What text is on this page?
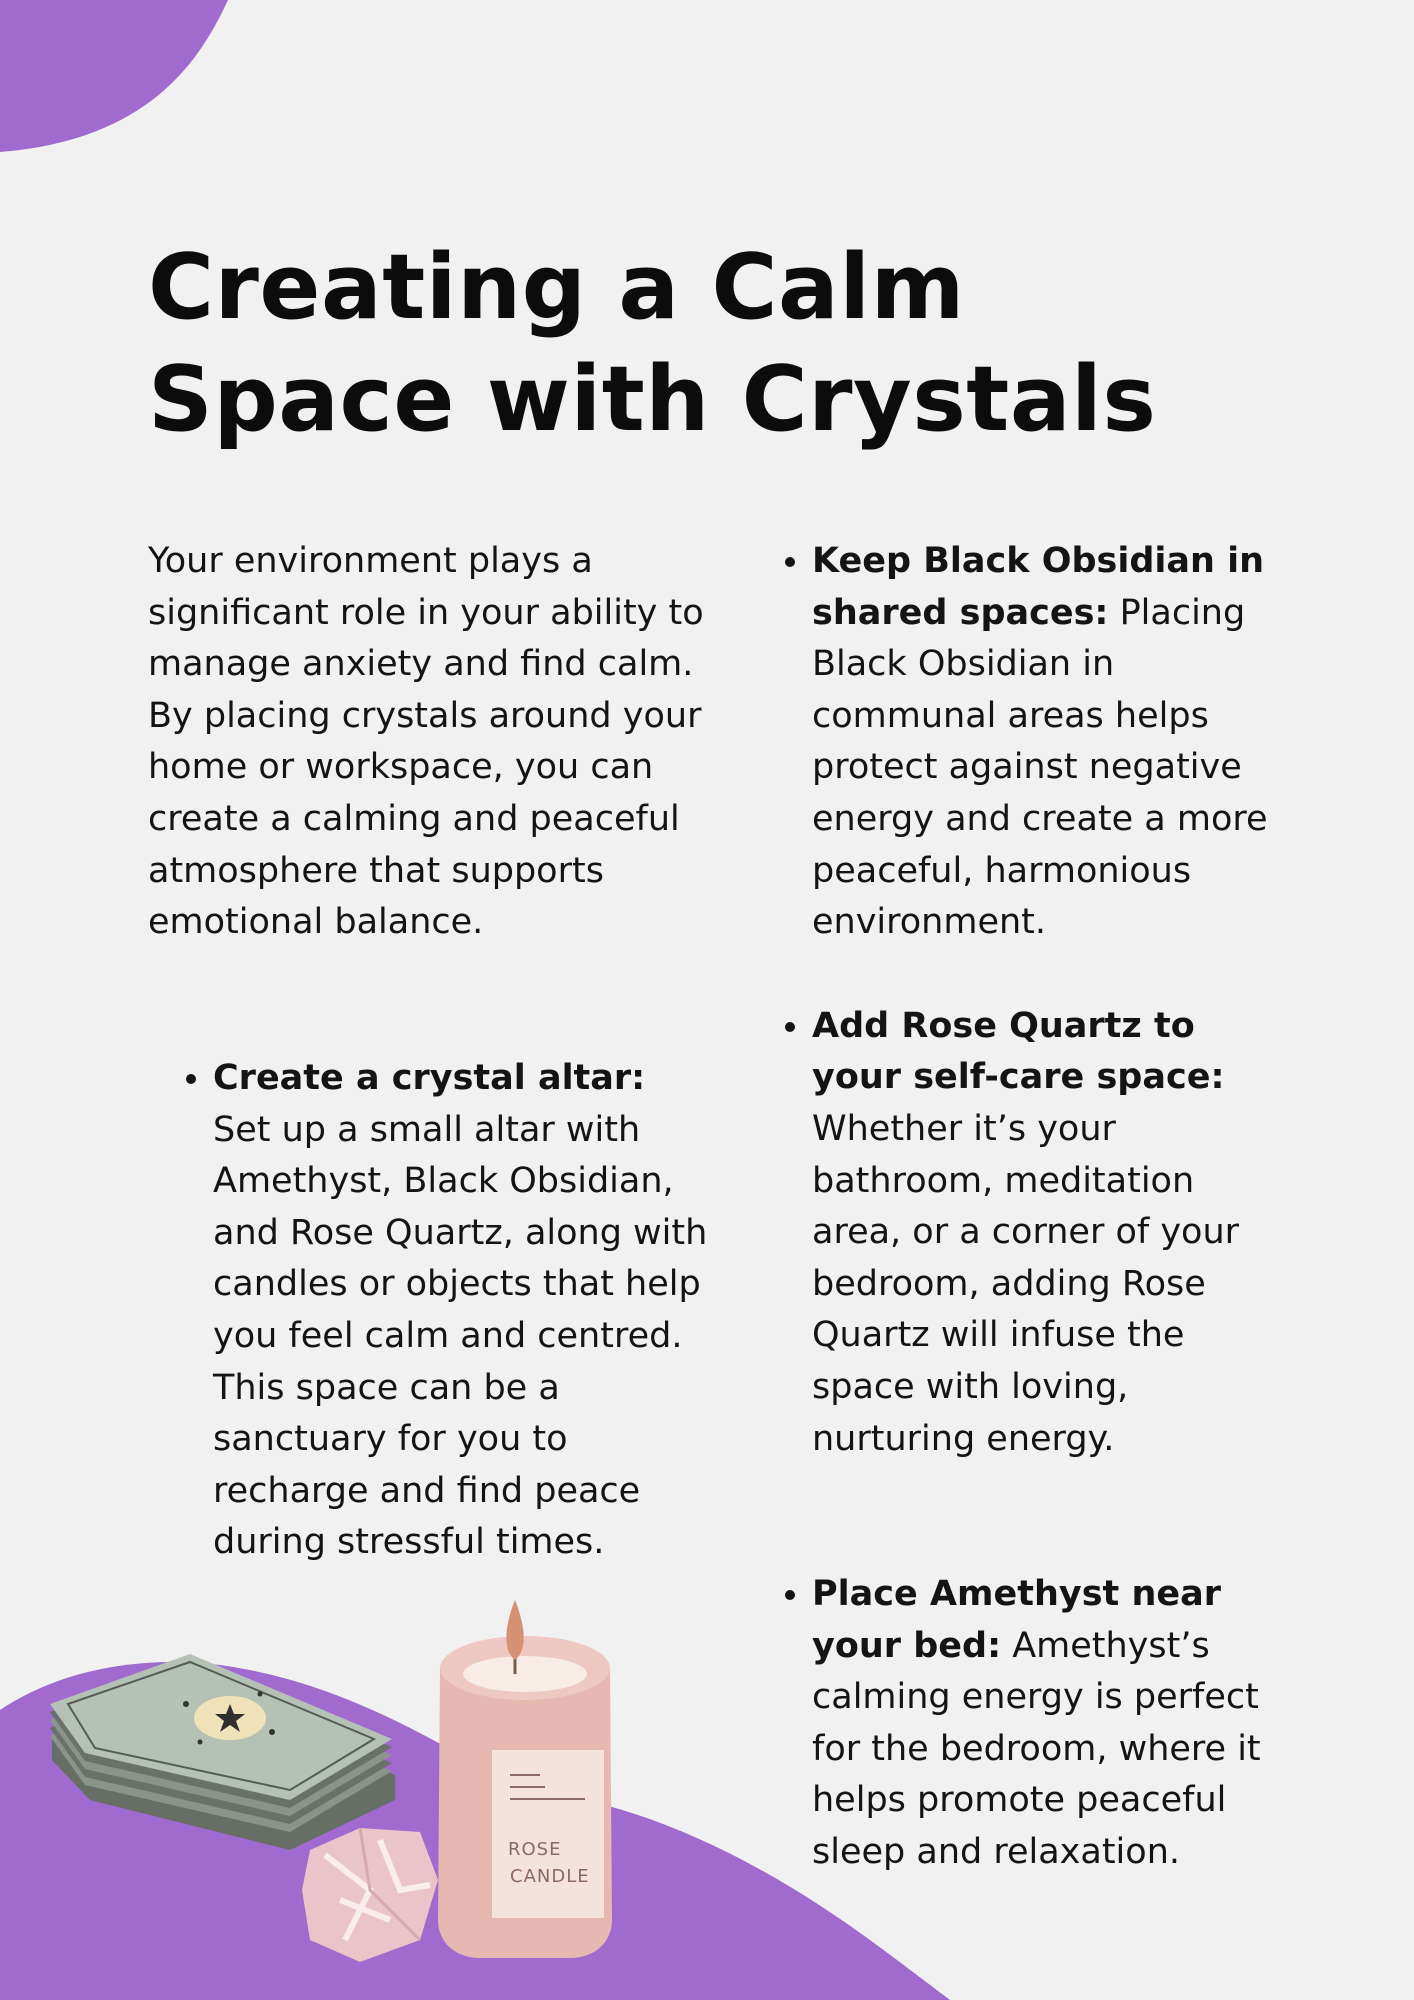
Creating a Calm Space with Crystals

Your environment plays a significant role in your ability to manage anxiety and find calm. By placing crystals around your home or workspace, you can create a calming and peaceful atmosphere that supports emotional balance.

• Create a crystal altar: Set up a small altar with Amethyst, Black Obsidian, and Rose Quartz, along with candles or objects that help you feel calm and centred. This space can be a sanctuary for you to recharge and find peace during stressful times.
• Keep Black Obsidian in shared spaces: Placing Black Obsidian in communal areas helps protect against negative energy and create a more peaceful, harmonious environment.
• Add Rose Quartz to your self-care space: Whether it’s your bathroom, meditation area, or a corner of your bedroom, adding Rose Quartz will infuse the space with loving, nurturing energy.
• Place Amethyst near your bed: Amethyst’s calming energy is perfect for the bedroom, where it helps promote peaceful sleep and relaxation.
ROSE
CANDLE
